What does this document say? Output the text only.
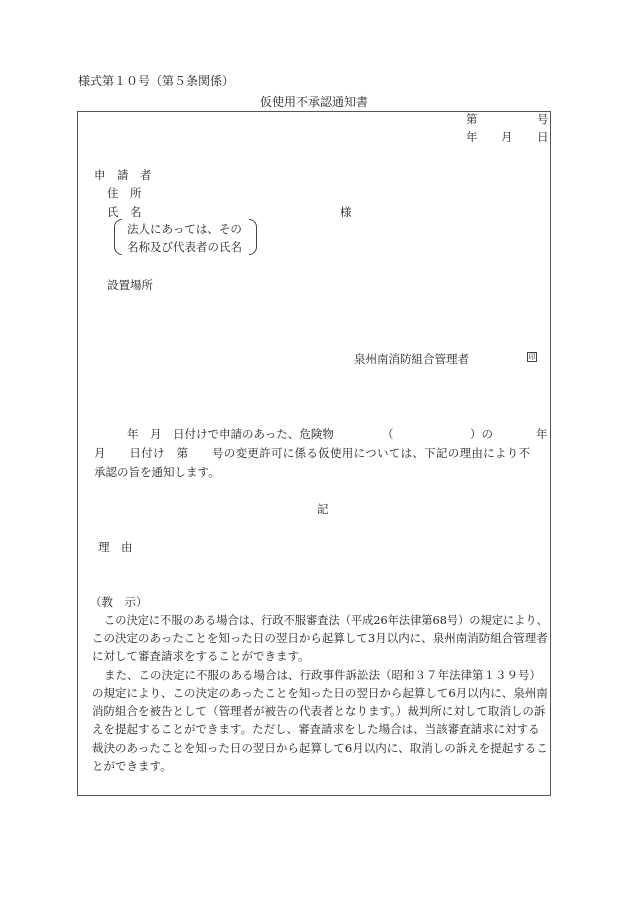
様式第１０号（第５条関係）
仮使用不承認通知書
第	号
年 月 日
申　請　者
住　所
氏　名	様
法人にあっては、その
名称及び代表者の氏名
設置場所
泉州南消防組合管理者	印
年　月　日付けで申請のあった、危険物	（	）の	年
月　　日付け　第　　号の変更許可に係る仮使用については、下記の理由により不
承認の旨を通知します。
記
理　由
（教　示）
この決定に不服のある場合は、行政不服審査法（平成26年法律第68号）の規定により、
この決定のあったことを知った日の翌日から起算して3月以内に、泉州南消防組合管理者
に対して審査請求をすることができます。
また、この決定に不服のある場合は、行政事件訴訟法（昭和３７年法律第１３９号）
の規定により、この決定のあったことを知った日の翌日から起算して6月以内に、泉州南
消防組合を被告として（管理者が被告の代表者となります。）裁判所に対して取消しの訴
えを提起することができます。ただし、審査請求をした場合は、当該審査請求に対する
裁決のあったことを知った日の翌日から起算して6月以内に、取消しの訴えを提起するこ
とができます。
